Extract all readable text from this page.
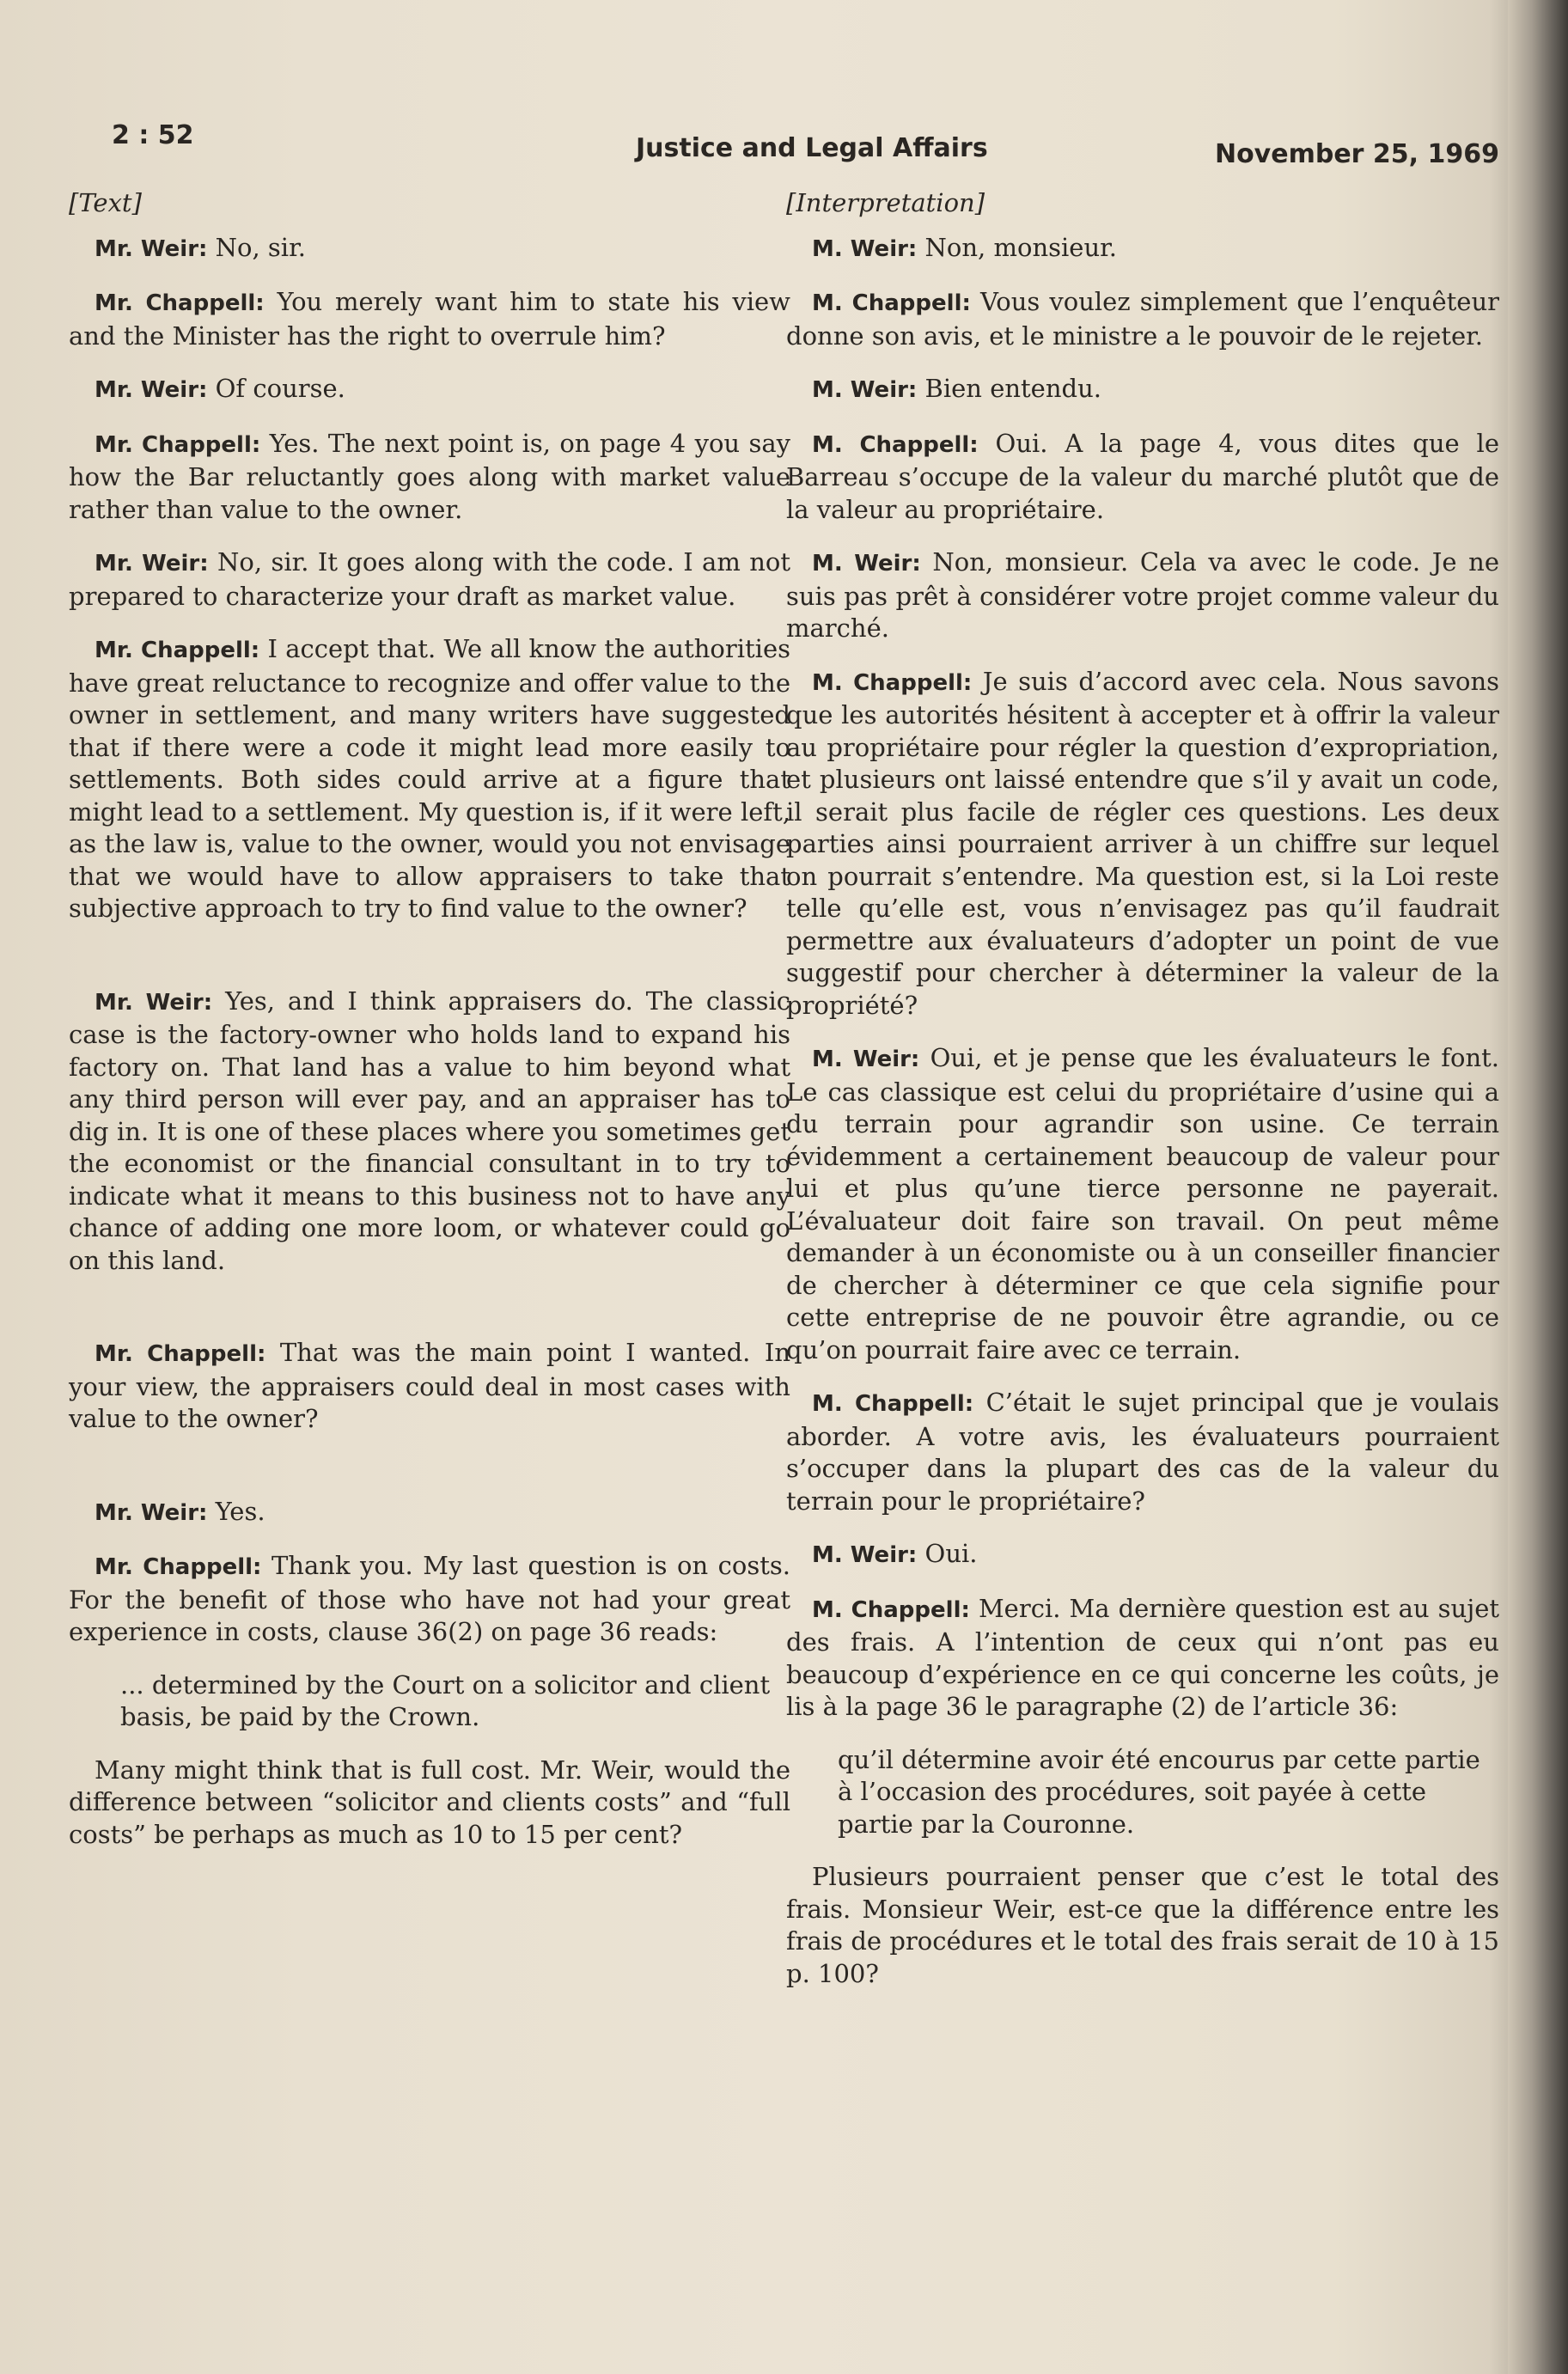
2 : 52	Justice and Legal Affairs	November 25, 1969

[Text]

Mr. Weir: No, sir.

Mr. Chappell: You merely want him to state his view and the Minister has the right to overrule him?

Mr. Weir: Of course.

Mr. Chappell: Yes. The next point is, on page 4 you say how the Bar reluctantly goes along with market value rather than value to the owner.

Mr. Weir: No, sir. It goes along with the code. I am not prepared to characterize your draft as market value.

Mr. Chappell: I accept that. We all know the authorities have great reluctance to recognize and offer value to the owner in settlement, and many writers have suggested that if there were a code it might lead more easily to settlements. Both sides could arrive at a figure that might lead to a settlement. My question is, if it were left, as the law is, value to the owner, would you not envisage that we would have to allow appraisers to take that subjective approach to try to find value to the owner?

Mr. Weir: Yes, and I think appraisers do. The classic case is the factory-owner who holds land to expand his factory on. That land has a value to him beyond what any third person will ever pay, and an appraiser has to dig in. It is one of these places where you sometimes get the economist or the financial consultant in to try to indicate what it means to this business not to have any chance of adding one more loom, or whatever could go on this land.

Mr. Chappell: That was the main point I wanted. In your view, the appraisers could deal in most cases with value to the owner?

Mr. Weir: Yes.

Mr. Chappell: Thank you. My last question is on costs. For the benefit of those who have not had your great experience in costs, clause 36(2) on page 36 reads:

... determined by the Court on a solicitor and client basis, be paid by the Crown.

Many might think that is full cost. Mr. Weir, would the difference between “solicitor and clients costs” and “full costs” be perhaps as much as 10 to 15 per cent?

[Interpretation]

M. Weir: Non, monsieur.

M. Chappell: Vous voulez simplement que l’enquêteur donne son avis, et le ministre a le pouvoir de le rejeter.

M. Weir: Bien entendu.

M. Chappell: Oui. A la page 4, vous dites que le Barreau s’occupe de la valeur du marché plutôt que de la valeur au propriétaire.

M. Weir: Non, monsieur. Cela va avec le code. Je ne suis pas prêt à considérer votre projet comme valeur du marché.

M. Chappell: Je suis d’accord avec cela. Nous savons que les autorités hésitent à accepter et à offrir la valeur au propriétaire pour régler la question d’expropriation, et plusieurs ont laissé entendre que s’il y avait un code, il serait plus facile de régler ces questions. Les deux parties ainsi pourraient arriver à un chiffre sur lequel on pourrait s’entendre. Ma question est, si la Loi reste telle qu’elle est, vous n’envisagez pas qu’il faudrait permettre aux évaluateurs d’adopter un point de vue suggestif pour chercher à déterminer la valeur de la propriété?

M. Weir: Oui, et je pense que les évaluateurs le font. Le cas classique est celui du propriétaire d’usine qui a du terrain pour agrandir son usine. Ce terrain évidemment a certainement beaucoup de valeur pour lui et plus qu’une tierce personne ne payerait. L’évaluateur doit faire son travail. On peut même demander à un économiste ou à un conseiller financier de chercher à déterminer ce que cela signifie pour cette entreprise de ne pouvoir être agrandie, ou ce qu’on pourrait faire avec ce terrain.

M. Chappell: C’était le sujet principal que je voulais aborder. A votre avis, les évaluateurs pourraient s’occuper dans la plupart des cas de la valeur du terrain pour le propriétaire?

M. Weir: Oui.

M. Chappell: Merci. Ma dernière question est au sujet des frais. A l’intention de ceux qui n’ont pas eu beaucoup d’expérience en ce qui concerne les coûts, je lis à la page 36 le paragraphe (2) de l’article 36:

qu’il détermine avoir été encourus par cette partie à l’occasion des procédures, soit payée à cette partie par la Couronne.

Plusieurs pourraient penser que c’est le total des frais. Monsieur Weir, est-ce que la différence entre les frais de procédures et le total des frais serait de 10 à 15 p. 100?
